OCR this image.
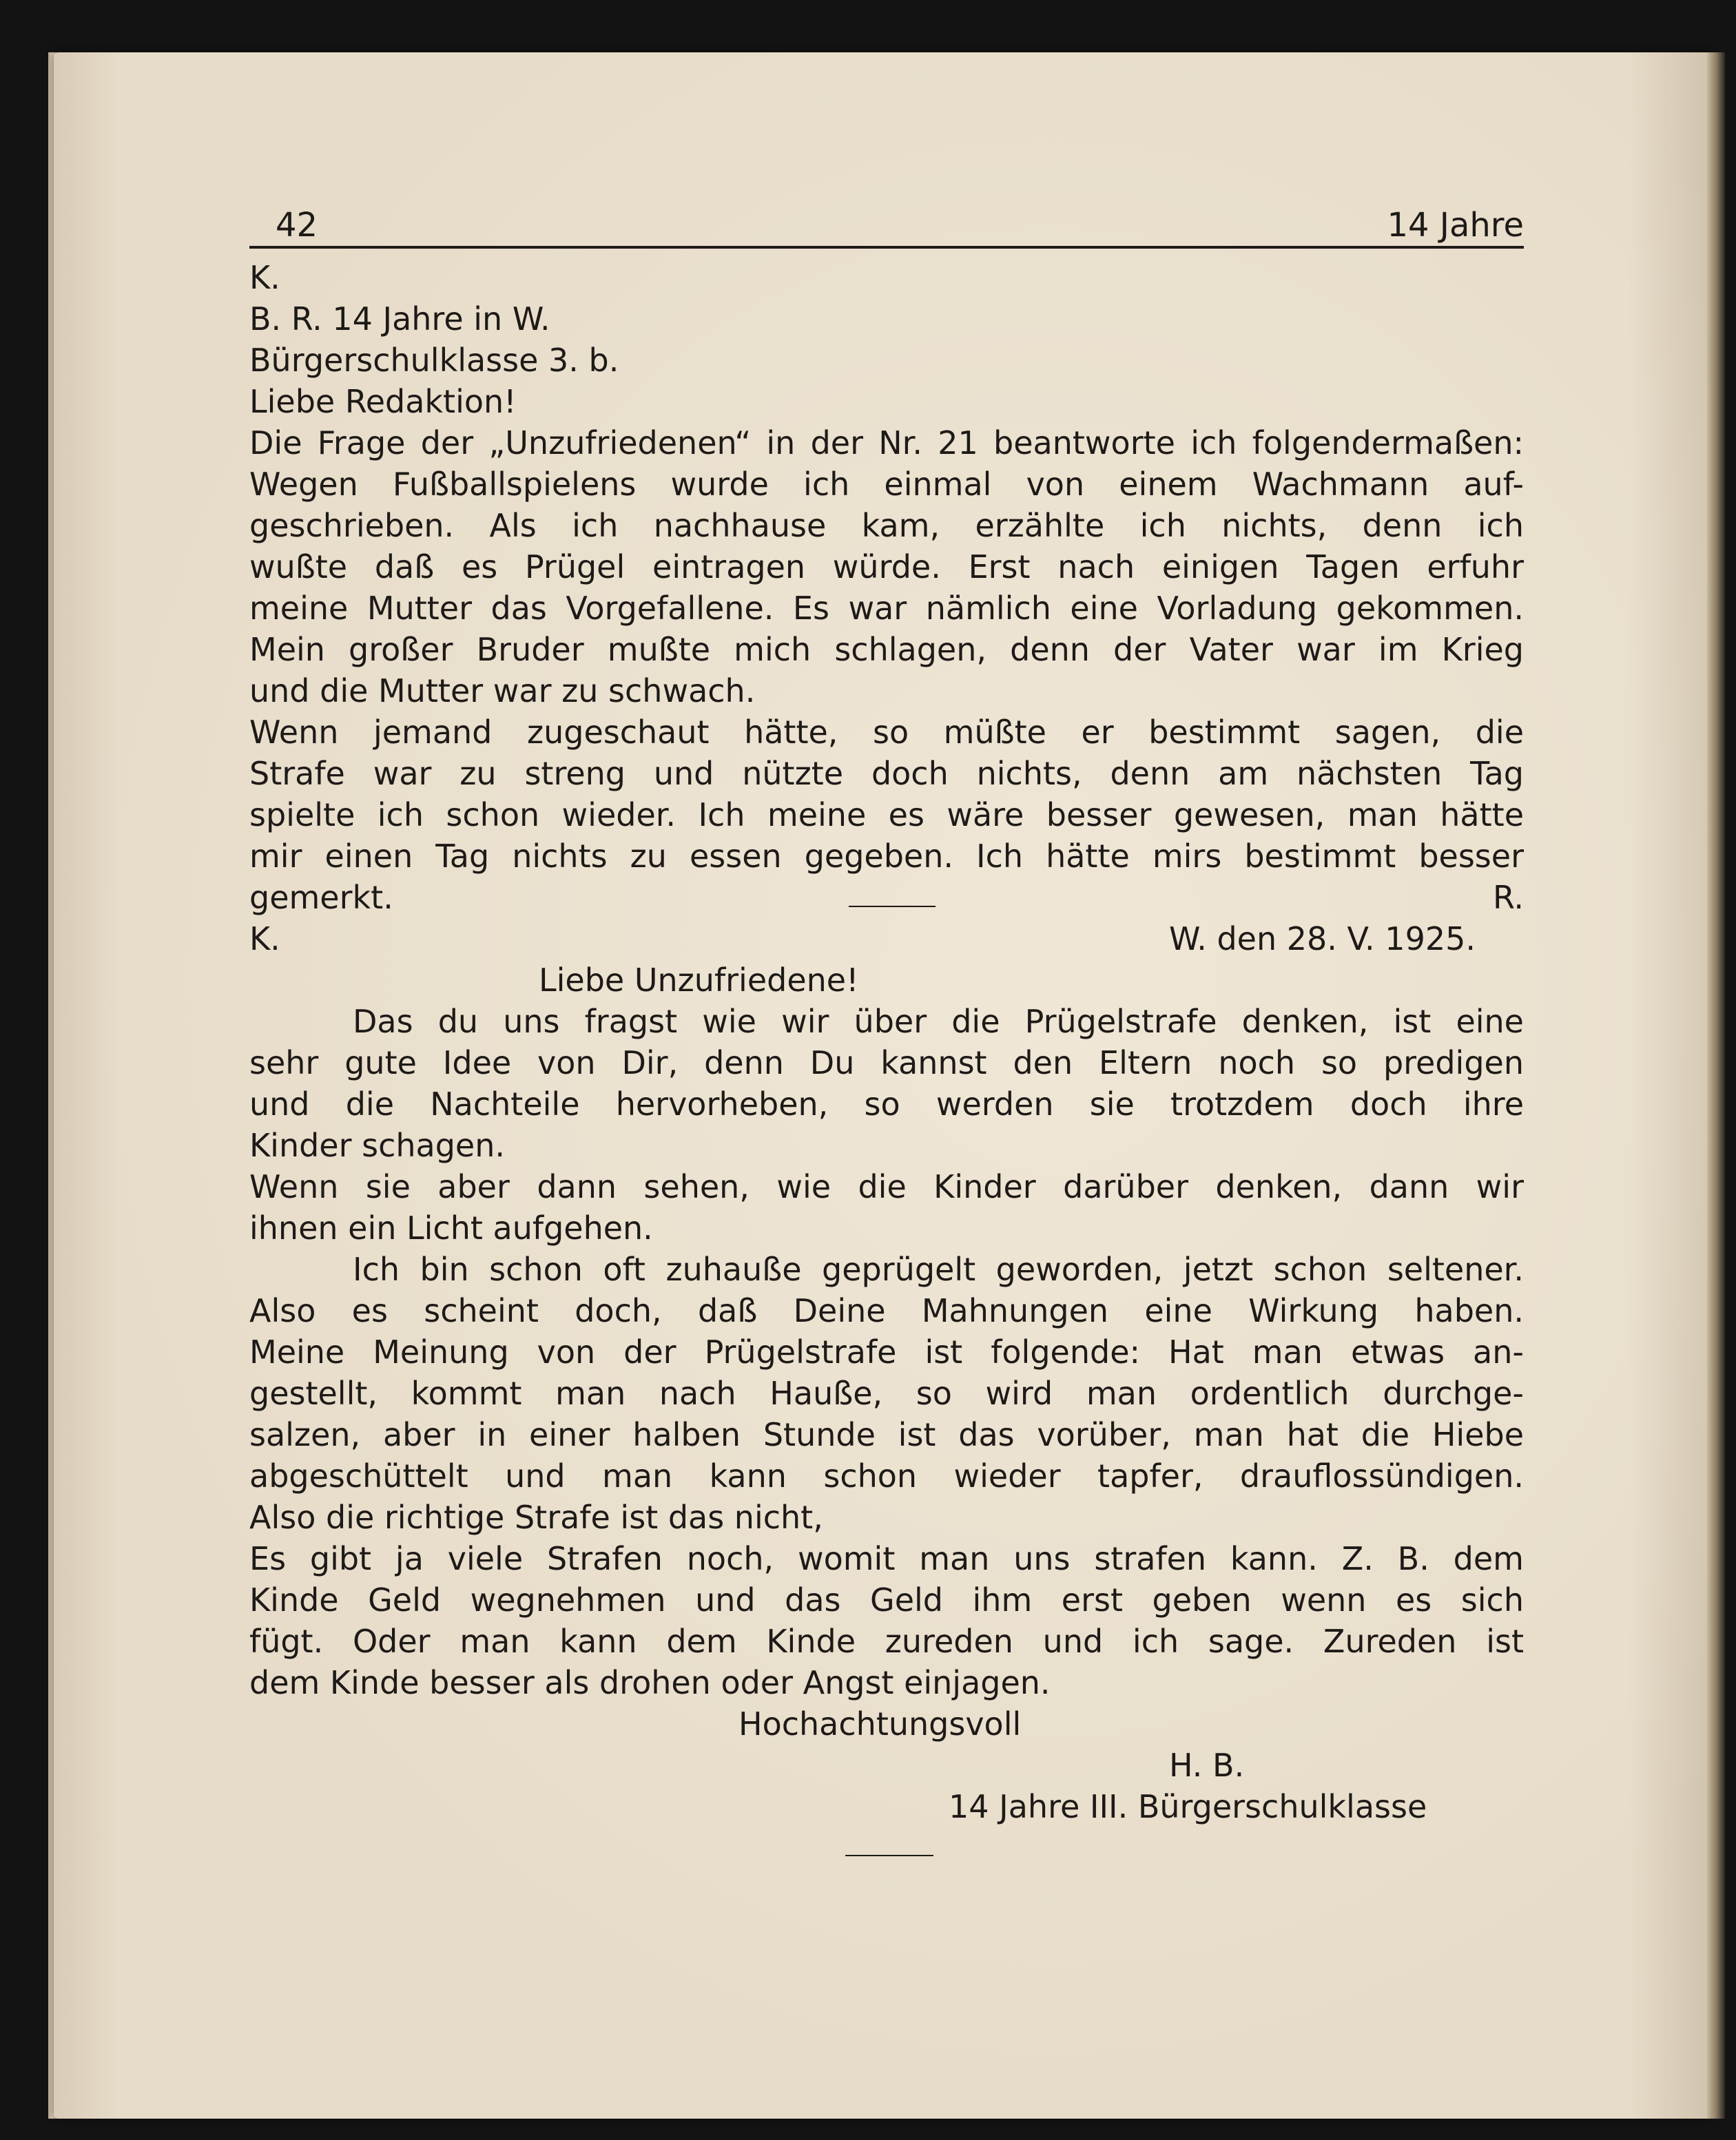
42	14 Jahre
K.
B. R. 14 Jahre in W.
Bürgerschulklasse 3. b.
Liebe Redaktion!
Die Frage der „Unzufriedenen“ in der Nr. 21 beantworte ich folgendermaßen:
Wegen Fußballspielens wurde ich einmal von einem Wachmann auf-
geschrieben. Als ich nachhause kam, erzählte ich nichts, denn ich
wußte daß es Prügel eintragen würde. Erst nach einigen Tagen erfuhr
meine Mutter das Vorgefallene. Es war nämlich eine Vorladung gekommen.
Mein großer Bruder mußte mich schlagen, denn der Vater war im Krieg
und die Mutter war zu schwach.
Wenn jemand zugeschaut hätte, so müßte er bestimmt sagen, die
Strafe war zu streng und nützte doch nichts, denn am nächsten Tag
spielte ich schon wieder. Ich meine es wäre besser gewesen, man hätte
mir einen Tag nichts zu essen gegeben. Ich hätte mirs bestimmt besser
gemerkt.	R.
K.	W. den 28. V. 1925.
Liebe Unzufriedene!
Das du uns fragst wie wir über die Prügelstrafe denken, ist eine
sehr gute Idee von Dir, denn Du kannst den Eltern noch so predigen
und die Nachteile hervorheben, so werden sie trotzdem doch ihre
Kinder schagen.
Wenn sie aber dann sehen, wie die Kinder darüber denken, dann wir
ihnen ein Licht aufgehen.
Ich bin schon oft zuhauße geprügelt geworden, jetzt schon seltener.
Also es scheint doch, daß Deine Mahnungen eine Wirkung haben.
Meine Meinung von der Prügelstrafe ist folgende: Hat man etwas an-
gestellt, kommt man nach Hauße, so wird man ordentlich durchge-
salzen, aber in einer halben Stunde ist das vorüber, man hat die Hiebe
abgeschüttelt und man kann schon wieder tapfer, drauflossündigen.
Also die richtige Strafe ist das nicht,
Es gibt ja viele Strafen noch, womit man uns strafen kann. Z. B. dem
Kinde Geld wegnehmen und das Geld ihm erst geben wenn es sich
fügt. Oder man kann dem Kinde zureden und ich sage. Zureden ist
dem Kinde besser als drohen oder Angst einjagen.
Hochachtungsvoll
H. B.
14 Jahre III. Bürgerschulklasse
